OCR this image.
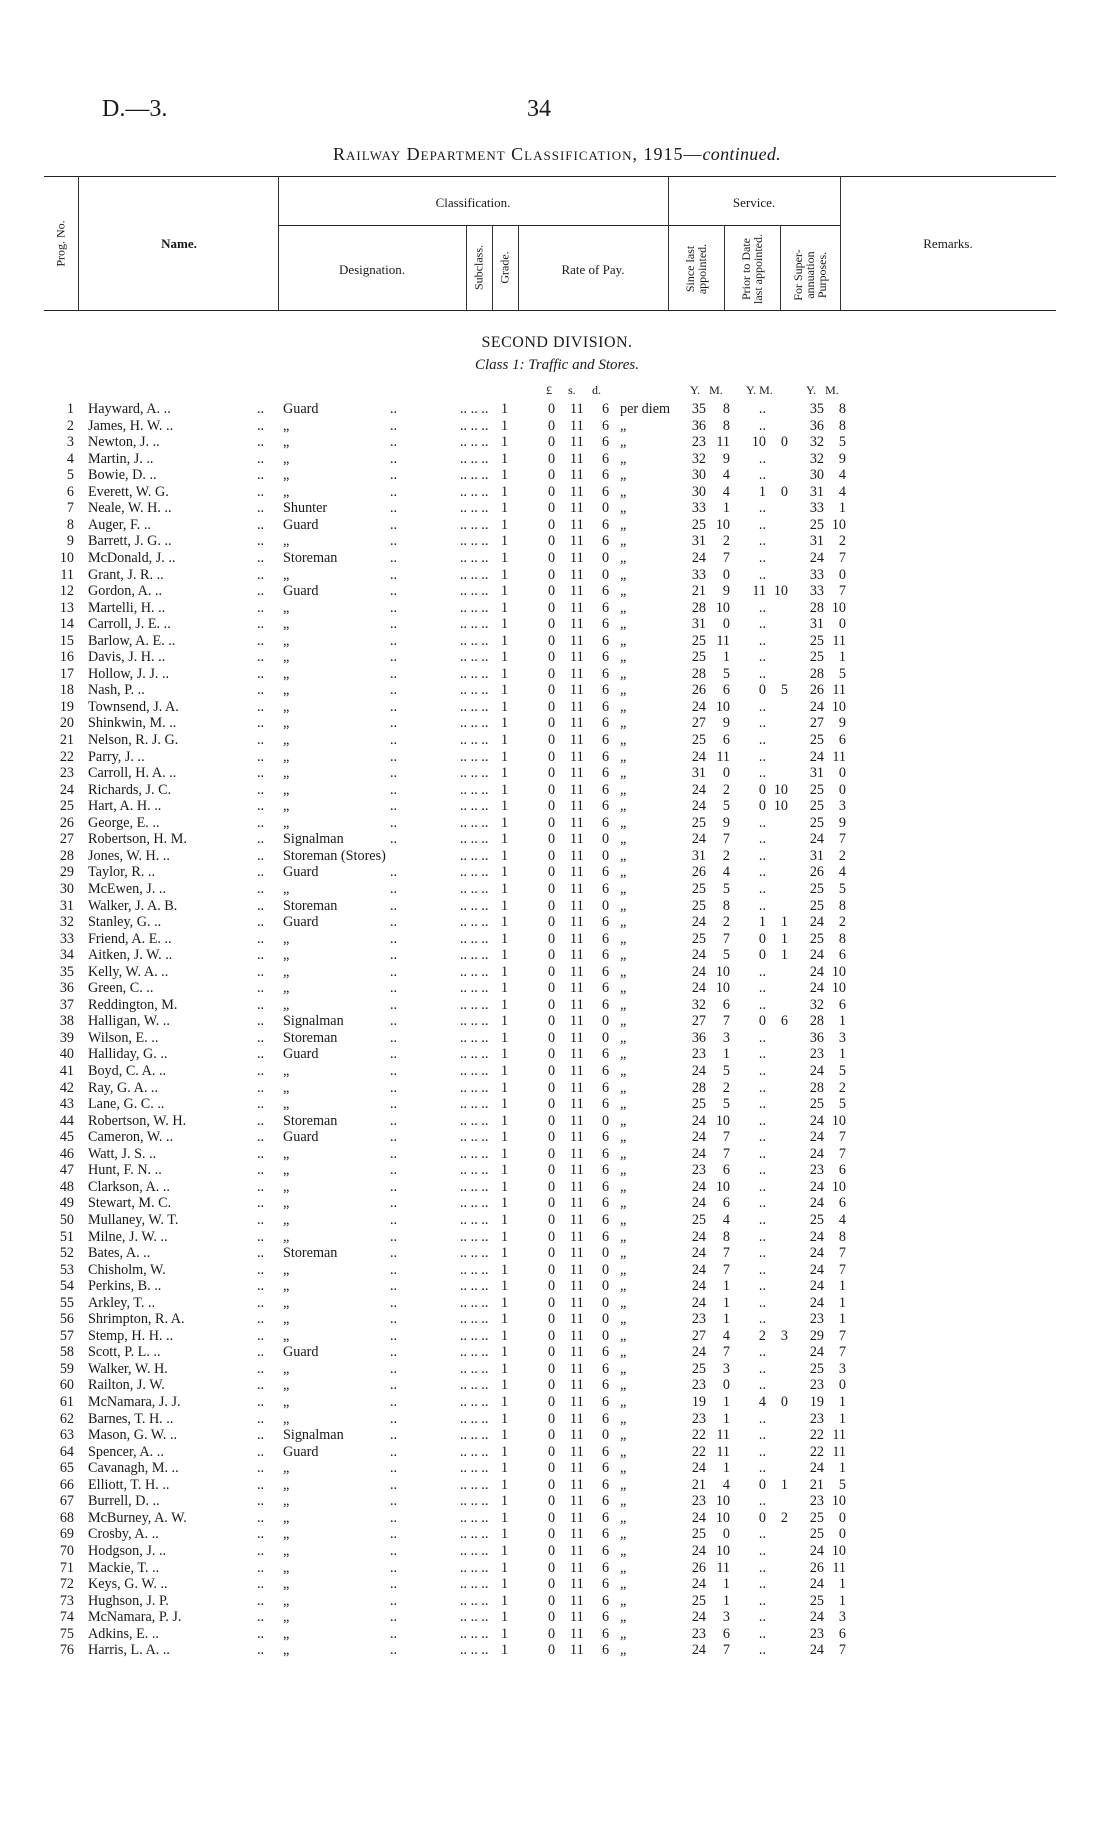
D.—3.	34
Railway Department Classification, 1915—continued.
Prog. No.	Name.
Classification.
Designation.	Subclass. Grade.	Rate of Pay.
Service.
Since last appointed.	Prior to Date last appointed. For Super-annuation Purposes.
Remarks.
SECOND DIVISION.
Class 1: Traffic and Stores.
£ s. d.	Y.   M. Y. M.	Y.   M.
1 Hayward, A. ..	.. Guard	..	.. .. .. 1	0 11 6 per diem	35	8	..	35	8
2 James, H. W. ..	.. „	..	.. .. .. 1	0 11 6 „	36	8	..	36	8
3 Newton, J. ..	.. „	..	.. .. .. 1	0 11 6 „	23 11	10	0	32	5
4 Martin, J. ..	.. „	..	.. .. .. 1	0 11 6 „	32	9	..	32	9
5 Bowie, D. ..	.. „	..	.. .. .. 1	0 11 6 „	30	4	..	30	4
6 Everett, W. G.	.. „	..	.. .. .. 1	0 11 6 „	30	4	1	0	31	4
7 Neale, W. H. ..	.. Shunter	..	.. .. .. 1	0 11 0 „	33	1	..	33	1
8 Auger, F. ..	.. Guard	..	.. .. .. 1	0 11 6 „	25 10	..	25 10
9 Barrett, J. G. ..	.. „	..	.. .. .. 1	0 11 6 „	31	2	..	31	2
10 McDonald, J. ..	.. Storeman	..	.. .. .. 1	0 11 0 „	24	7	..	24	7
11 Grant, J. R. ..	.. „	..	.. .. .. 1	0 11 0 „	33	0	..	33	0
12 Gordon, A. ..	.. Guard	..	.. .. .. 1	0 11 6 „	21	9	11 10	33	7
13 Martelli, H. ..	.. „	..	.. .. .. 1	0 11 6 „	28 10	..	28 10
14 Carroll, J. E. ..	.. „	..	.. .. .. 1	0 11 6 „	31	0	..	31	0
15 Barlow, A. E. ..	.. „	..	.. .. .. 1	0 11 6 „	25 11	..	25 11
16 Davis, J. H. ..	.. „	..	.. .. .. 1	0 11 6 „	25	1	..	25	1
17 Hollow, J. J. ..	.. „	..	.. .. .. 1	0 11 6 „	28	5	..	28	5
18 Nash, P. ..	.. „	..	.. .. .. 1	0 11 6 „	26	6	0	5	26 11
19 Townsend, J. A.	.. „	..	.. .. .. 1	0 11 6 „	24 10	..	24 10
20 Shinkwin, M. ..	.. „	..	.. .. .. 1	0 11 6 „	27	9	..	27	9
21 Nelson, R. J. G.	.. „	..	.. .. .. 1	0 11 6 „	25	6	..	25	6
22 Parry, J. ..	.. „	..	.. .. .. 1	0 11 6 „	24 11	..	24 11
23 Carroll, H. A. ..	.. „	..	.. .. .. 1	0 11 6 „	31	0	..	31	0
24 Richards, J. C.	.. „	..	.. .. .. 1	0 11 6 „	24	2	0 10	25	0
25 Hart, A. H. ..	.. „	..	.. .. .. 1	0 11 6 „	24	5	0 10	25	3
26 George, E. ..	.. „	..	.. .. .. 1	0 11 6 „	25	9	..	25	9
27 Robertson, H. M.	.. Signalman	..	.. .. .. 1	0 11 0 „	24	7	..	24	7
28 Jones, W. H. ..	.. Storeman (Stores)	.. .. .. 1	0 11 0 „	31	2	..	31	2
29 Taylor, R. ..	.. Guard	..	.. .. .. 1	0 11 6 „	26	4	..	26	4
30 McEwen, J. ..	.. „	..	.. .. .. 1	0 11 6 „	25	5	..	25	5
31 Walker, J. A. B.	.. Storeman	..	.. .. .. 1	0 11 0 „	25	8	..	25	8
32 Stanley, G. ..	.. Guard	..	.. .. .. 1	0 11 6 „	24	2	1	1	24	2
33 Friend, A. E. ..	.. „	..	.. .. .. 1	0 11 6 „	25	7	0	1	25	8
34 Aitken, J. W. ..	.. „	..	.. .. .. 1	0 11 6 „	24	5	0	1	24	6
35 Kelly, W. A. ..	.. „	..	.. .. .. 1	0 11 6 „	24 10	..	24 10
36 Green, C. ..	.. „	..	.. .. .. 1	0 11 6 „	24 10	..	24 10
37 Reddington, M.	.. „	..	.. .. .. 1	0 11 6 „	32	6	..	32	6
38 Halligan, W. ..	.. Signalman	..	.. .. .. 1	0 11 0 „	27	7	0	6	28	1
39 Wilson, E. ..	.. Storeman	..	.. .. .. 1	0 11 0 „	36	3	..	36	3
40 Halliday, G. ..	.. Guard	..	.. .. .. 1	0 11 6 „	23	1	..	23	1
41 Boyd, C. A. ..	.. „	..	.. .. .. 1	0 11 6 „	24	5	..	24	5
42 Ray, G. A. ..	.. „	..	.. .. .. 1	0 11 6 „	28	2	..	28	2
43 Lane, G. C. ..	.. „	..	.. .. .. 1	0 11 6 „	25	5	..	25	5
44 Robertson, W. H.	.. Storeman	..	.. .. .. 1	0 11 0 „	24 10	..	24 10
45 Cameron, W. ..	.. Guard	..	.. .. .. 1	0 11 6 „	24	7	..	24	7
46 Watt, J. S. ..	.. „	..	.. .. .. 1	0 11 6 „	24	7	..	24	7
47 Hunt, F. N. ..	.. „	..	.. .. .. 1	0 11 6 „	23	6	..	23	6
48 Clarkson, A. ..	.. „	..	.. .. .. 1	0 11 6 „	24 10	..	24 10
49 Stewart, M. C.	.. „	..	.. .. .. 1	0 11 6 „	24	6	..	24	6
50 Mullaney, W. T.	.. „	..	.. .. .. 1	0 11 6 „	25	4	..	25	4
51 Milne, J. W. ..	.. „	..	.. .. .. 1	0 11 6 „	24	8	..	24	8
52 Bates, A. ..	.. Storeman	..	.. .. .. 1	0 11 0 „	24	7	..	24	7
53 Chisholm, W.	.. „	..	.. .. .. 1	0 11 0 „	24	7	..	24	7
54 Perkins, B. ..	.. „	..	.. .. .. 1	0 11 0 „	24	1	..	24	1
55 Arkley, T. ..	.. „	..	.. .. .. 1	0 11 0 „	24	1	..	24	1
56 Shrimpton, R. A.	.. „	..	.. .. .. 1	0 11 0 „	23	1	..	23	1
57 Stemp, H. H. ..	.. „	..	.. .. .. 1	0 11 0 „	27	4	2	3	29	7
58 Scott, P. L. ..	.. Guard	..	.. .. .. 1	0 11 6 „	24	7	..	24	7
59 Walker, W. H.	.. „	..	.. .. .. 1	0 11 6 „	25	3	..	25	3
60 Railton, J. W.	.. „	..	.. .. .. 1	0 11 6 „	23	0	..	23	0
61 McNamara, J. J.	.. „	..	.. .. .. 1	0 11 6 „	19	1	4	0	19	1
62 Barnes, T. H. ..	.. „	..	.. .. .. 1	0 11 6 „	23	1	..	23	1
63 Mason, G. W. ..	.. Signalman	..	.. .. .. 1	0 11 0 „	22 11	..	22 11
64 Spencer, A. ..	.. Guard	..	.. .. .. 1	0 11 6 „	22 11	..	22 11
65 Cavanagh, M. ..	.. „	..	.. .. .. 1	0 11 6 „	24	1	..	24	1
66 Elliott, T. H. ..	.. „	..	.. .. .. 1	0 11 6 „	21	4	0	1	21	5
67 Burrell, D. ..	.. „	..	.. .. .. 1	0 11 6 „	23 10	..	23 10
68 McBurney, A. W.	.. „	..	.. .. .. 1	0 11 6 „	24 10	0	2	25	0
69 Crosby, A. ..	.. „	..	.. .. .. 1	0 11 6 „	25	0	..	25	0
70 Hodgson, J. ..	.. „	..	.. .. .. 1	0 11 6 „	24 10	..	24 10
71 Mackie, T. ..	.. „	..	.. .. .. 1	0 11 6 „	26 11	..	26 11
72 Keys, G. W. ..	.. „	..	.. .. .. 1	0 11 6 „	24	1	..	24	1
73 Hughson, J. P.	.. „	..	.. .. .. 1	0 11 6 „	25	1	..	25	1
74 McNamara, P. J.	.. „	..	.. .. .. 1	0 11 6 „	24	3	..	24	3
75 Adkins, E. ..	.. „	..	.. .. .. 1	0 11 6 „	23	6	..	23	6
76 Harris, L. A. ..	.. „	..	.. .. .. 1	0 11 6 „	24	7	..	24	7
